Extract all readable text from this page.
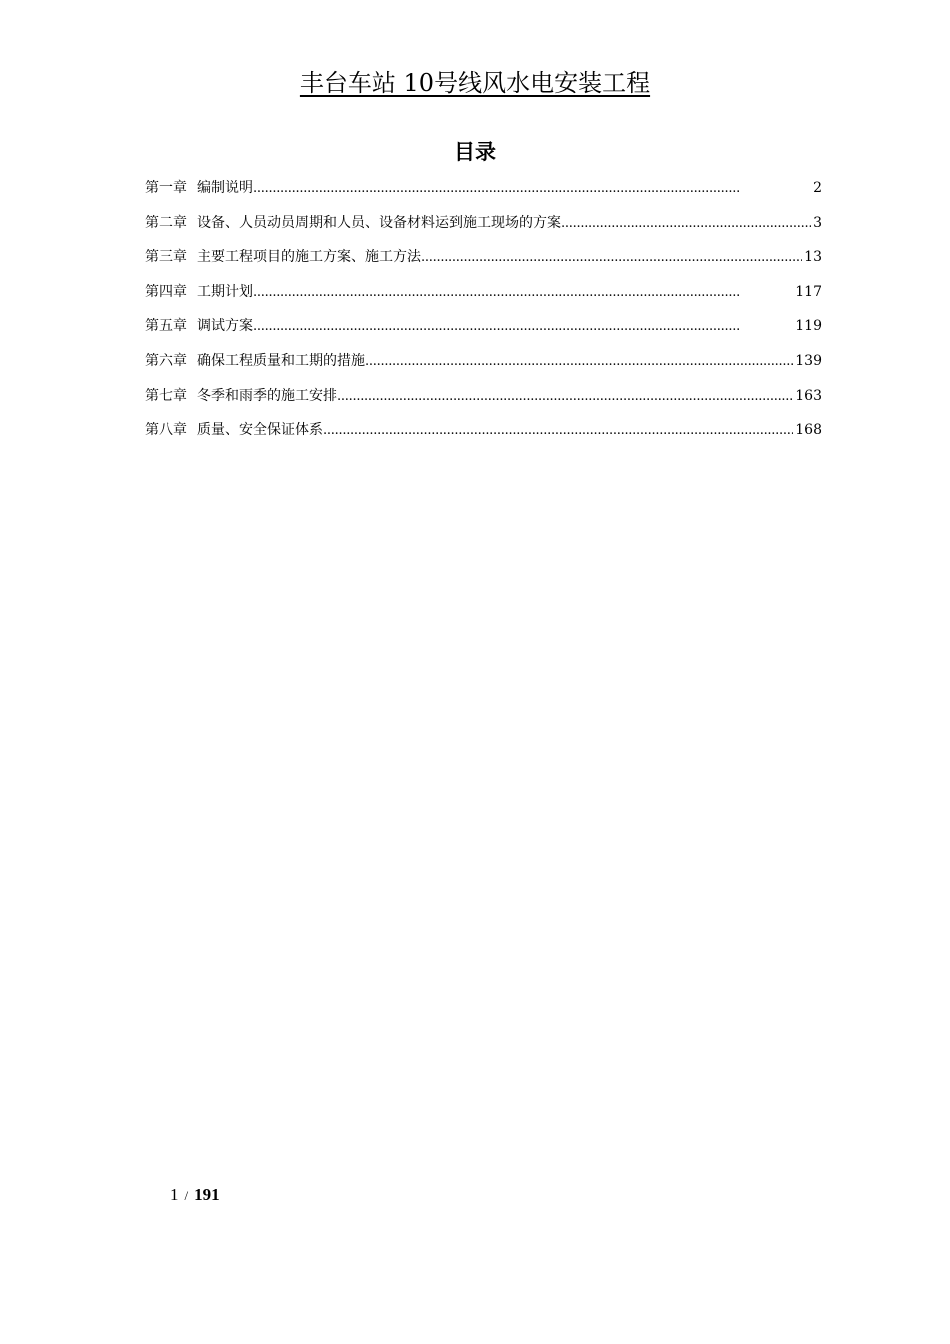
丰台车站 10号线风水电安装工程
目录
第一章 编制说明 . . .	2
第二章 设备、人员动员周期和人员、设备材料运到施工现场的方案 . . .	3
第三章 主要工程项目的施工方案、施工方法 . . .	13
第四章 工期计划 . . .	117
第五章 调试方案 . . .	119
第六章 确保工程质量和工期的措施 . . .	139
第七章 冬季和雨季的施工安排 . . .	163
第八章 质量、安全保证体系 . . .	168
1 / 191
